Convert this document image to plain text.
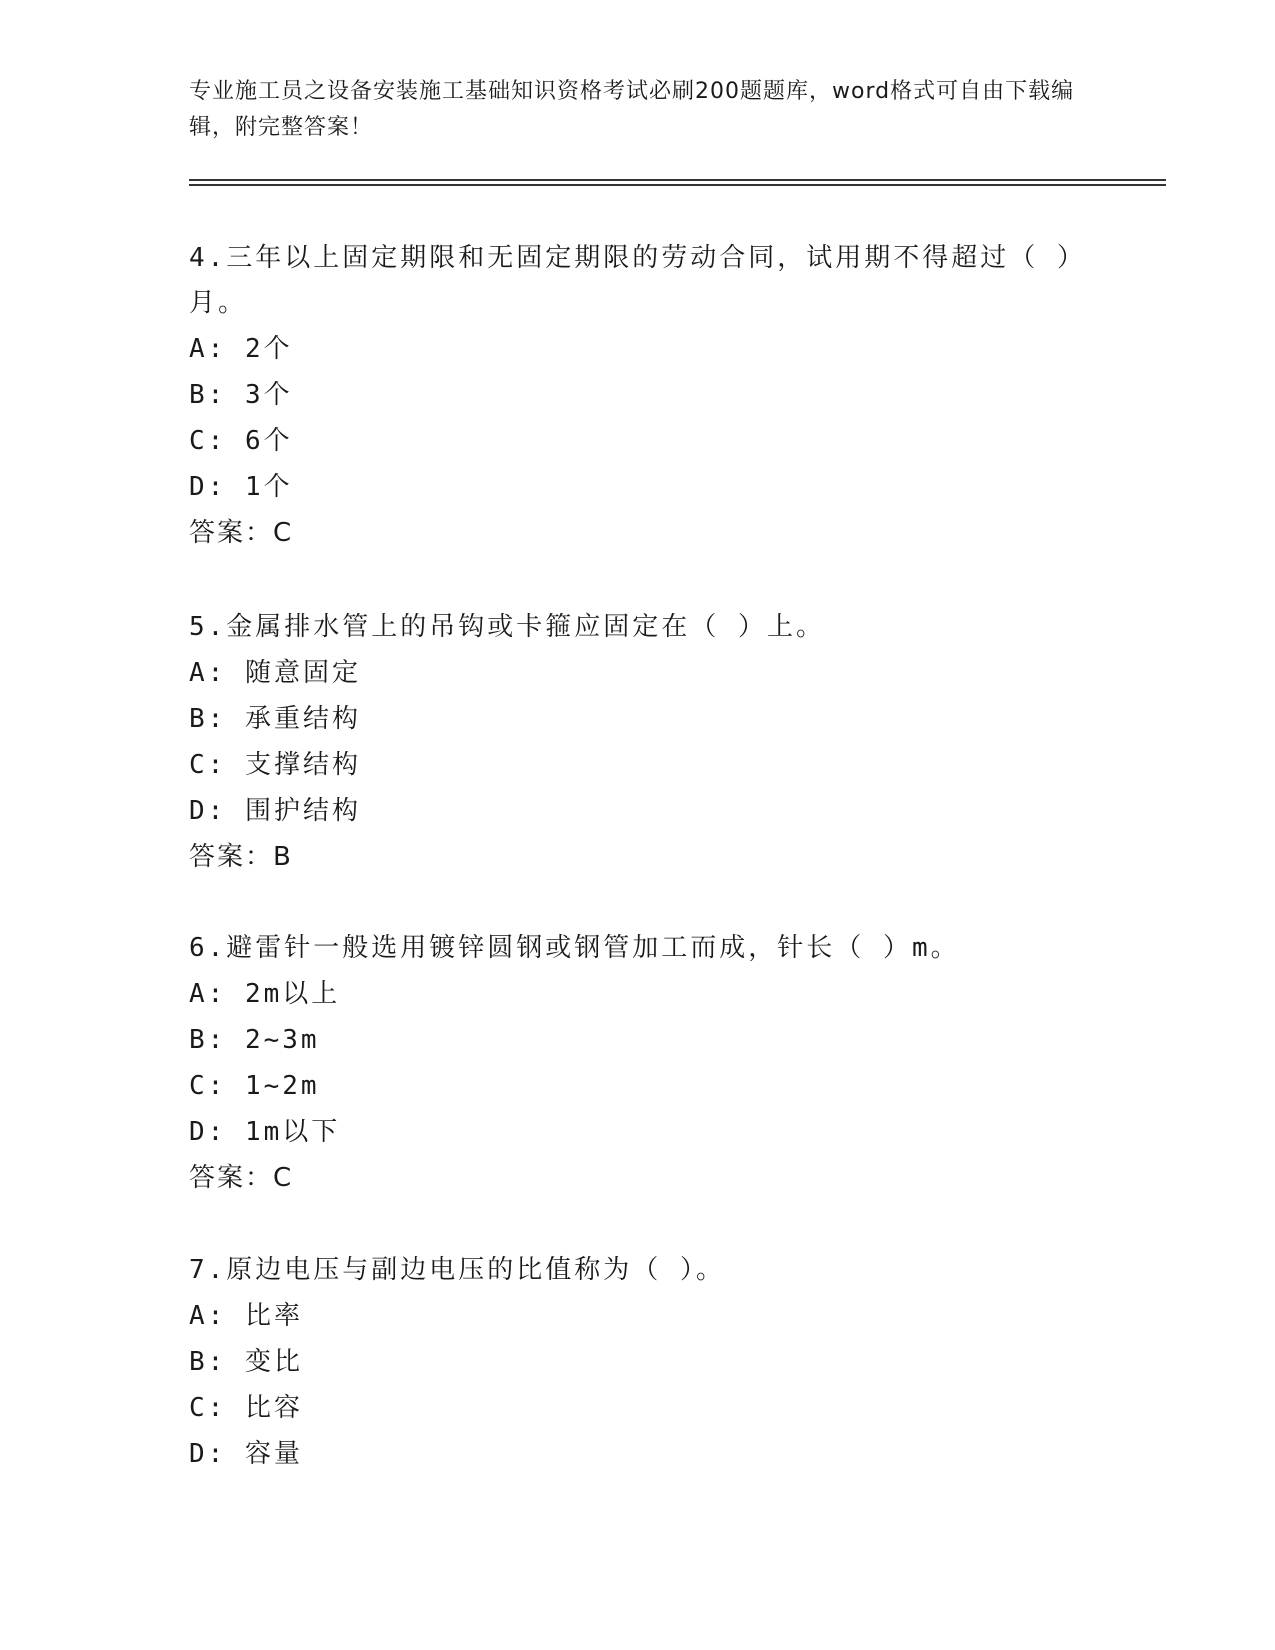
专业施工员之设备安装施工基础知识资格考试必刷200题题库，word格式可自由下载编辑，附完整答案！

4.三年以上固定期限和无固定期限的劳动合同，试用期不得超过（ ）月。

A: 2个

B: 3个

C: 6个

D: 1个

答案：C

5.金属排水管上的吊钩或卡箍应固定在（ ）上。

A: 随意固定

B: 承重结构

C: 支撑结构

D: 围护结构

答案：B

6.避雷针一般选用镀锌圆钢或钢管加工而成，针长（ ）m。

A: 2m以上

B: 2~3m

C: 1~2m

D: 1m以下

答案：C

7.原边电压与副边电压的比值称为（ ）。

A: 比率

B: 变比

C: 比容

D: 容量
